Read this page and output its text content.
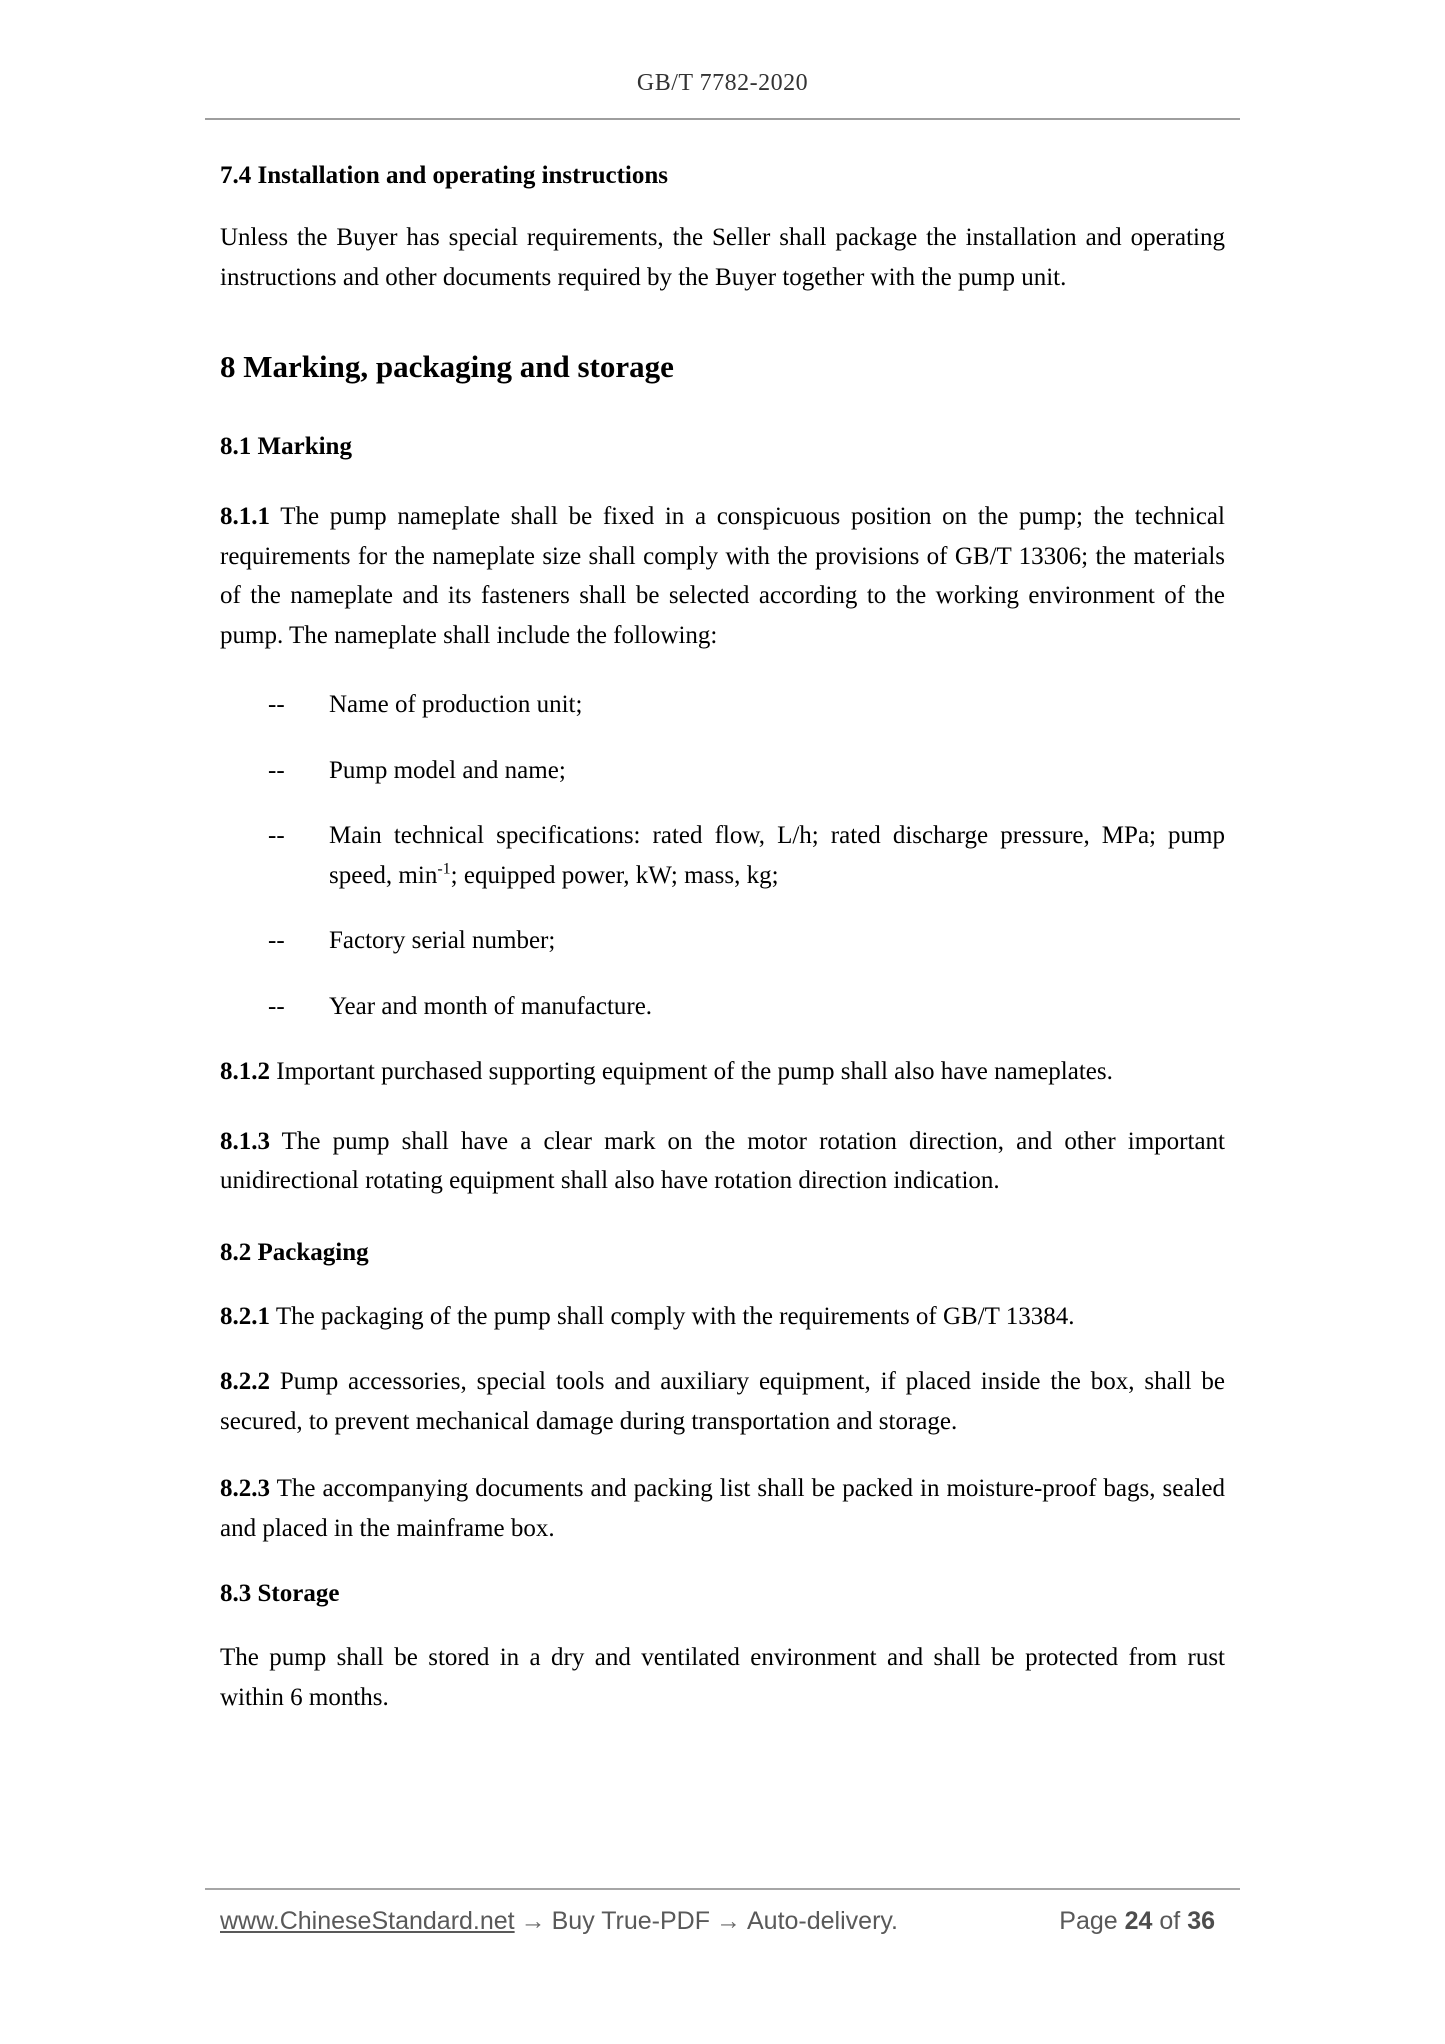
GB/T 7782-2020
7.4 Installation and operating instructions

Unless the Buyer has special requirements, the Seller shall package the installation and operating instructions and other documents required by the Buyer together with the pump unit.

8 Marking, packaging and storage
8.1 Marking

8.1.1 The pump nameplate shall be fixed in a conspicuous position on the pump; the technical requirements for the nameplate size shall comply with the provisions of GB/T 13306; the materials of the nameplate and its fasteners shall be selected according to the working environment of the pump. The nameplate shall include the following:

-- Name of production unit;
-- Pump model and name;
-- Main technical specifications: rated flow, L/h; rated discharge pressure, MPa; pump speed, $\min^{-1}$; equipped power, kW; mass, kg;
-- Factory serial number;
-- Year and month of manufacture.

8.1.2 Important purchased supporting equipment of the pump shall also have nameplates.

8.1.3 The pump shall have a clear mark on the motor rotation direction, and other important unidirectional rotating equipment shall also have rotation direction indication.

8.2 Packaging

8.2.1 The packaging of the pump shall comply with the requirements of GB/T 13384.

8.2.2 Pump accessories, special tools and auxiliary equipment, if placed inside the box, shall be secured, to prevent mechanical damage during transportation and storage.

8.2.3 The accompanying documents and packing list shall be packed in moisture-proof bags, sealed and placed in the mainframe box.

8.3 Storage

The pump shall be stored in a dry and ventilated environment and shall be protected from rust within 6 months.

www.ChineseStandard.net → Buy True-PDF → Auto-delivery.	Page 24 of 36
